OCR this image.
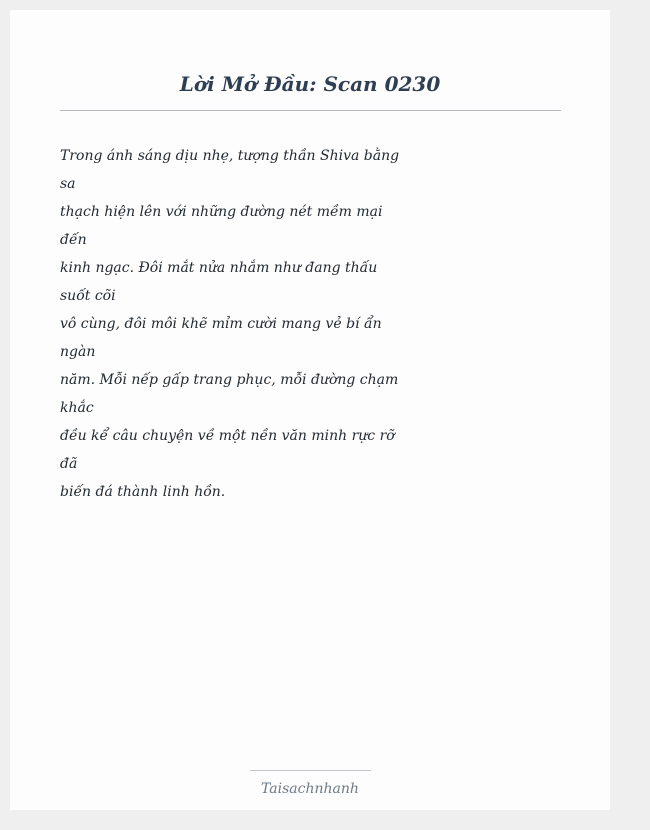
Lời Mở Đầu: Scan 0230

Trong ánh sáng dịu nhẹ, tượng thần Shiva bằng
sa
thạch hiện lên với những đường nét mềm mại
đến
kinh ngạc. Đôi mắt nửa nhắm như đang thấu
suốt cõi
vô cùng, đôi môi khẽ mỉm cười mang vẻ bí ẩn
ngàn
năm. Mỗi nếp gấp trang phục, mỗi đường chạm
khắc
đều kể câu chuyện về một nền văn minh rực rỡ
đã
biến đá thành linh hồn.

Taisachnhanh
